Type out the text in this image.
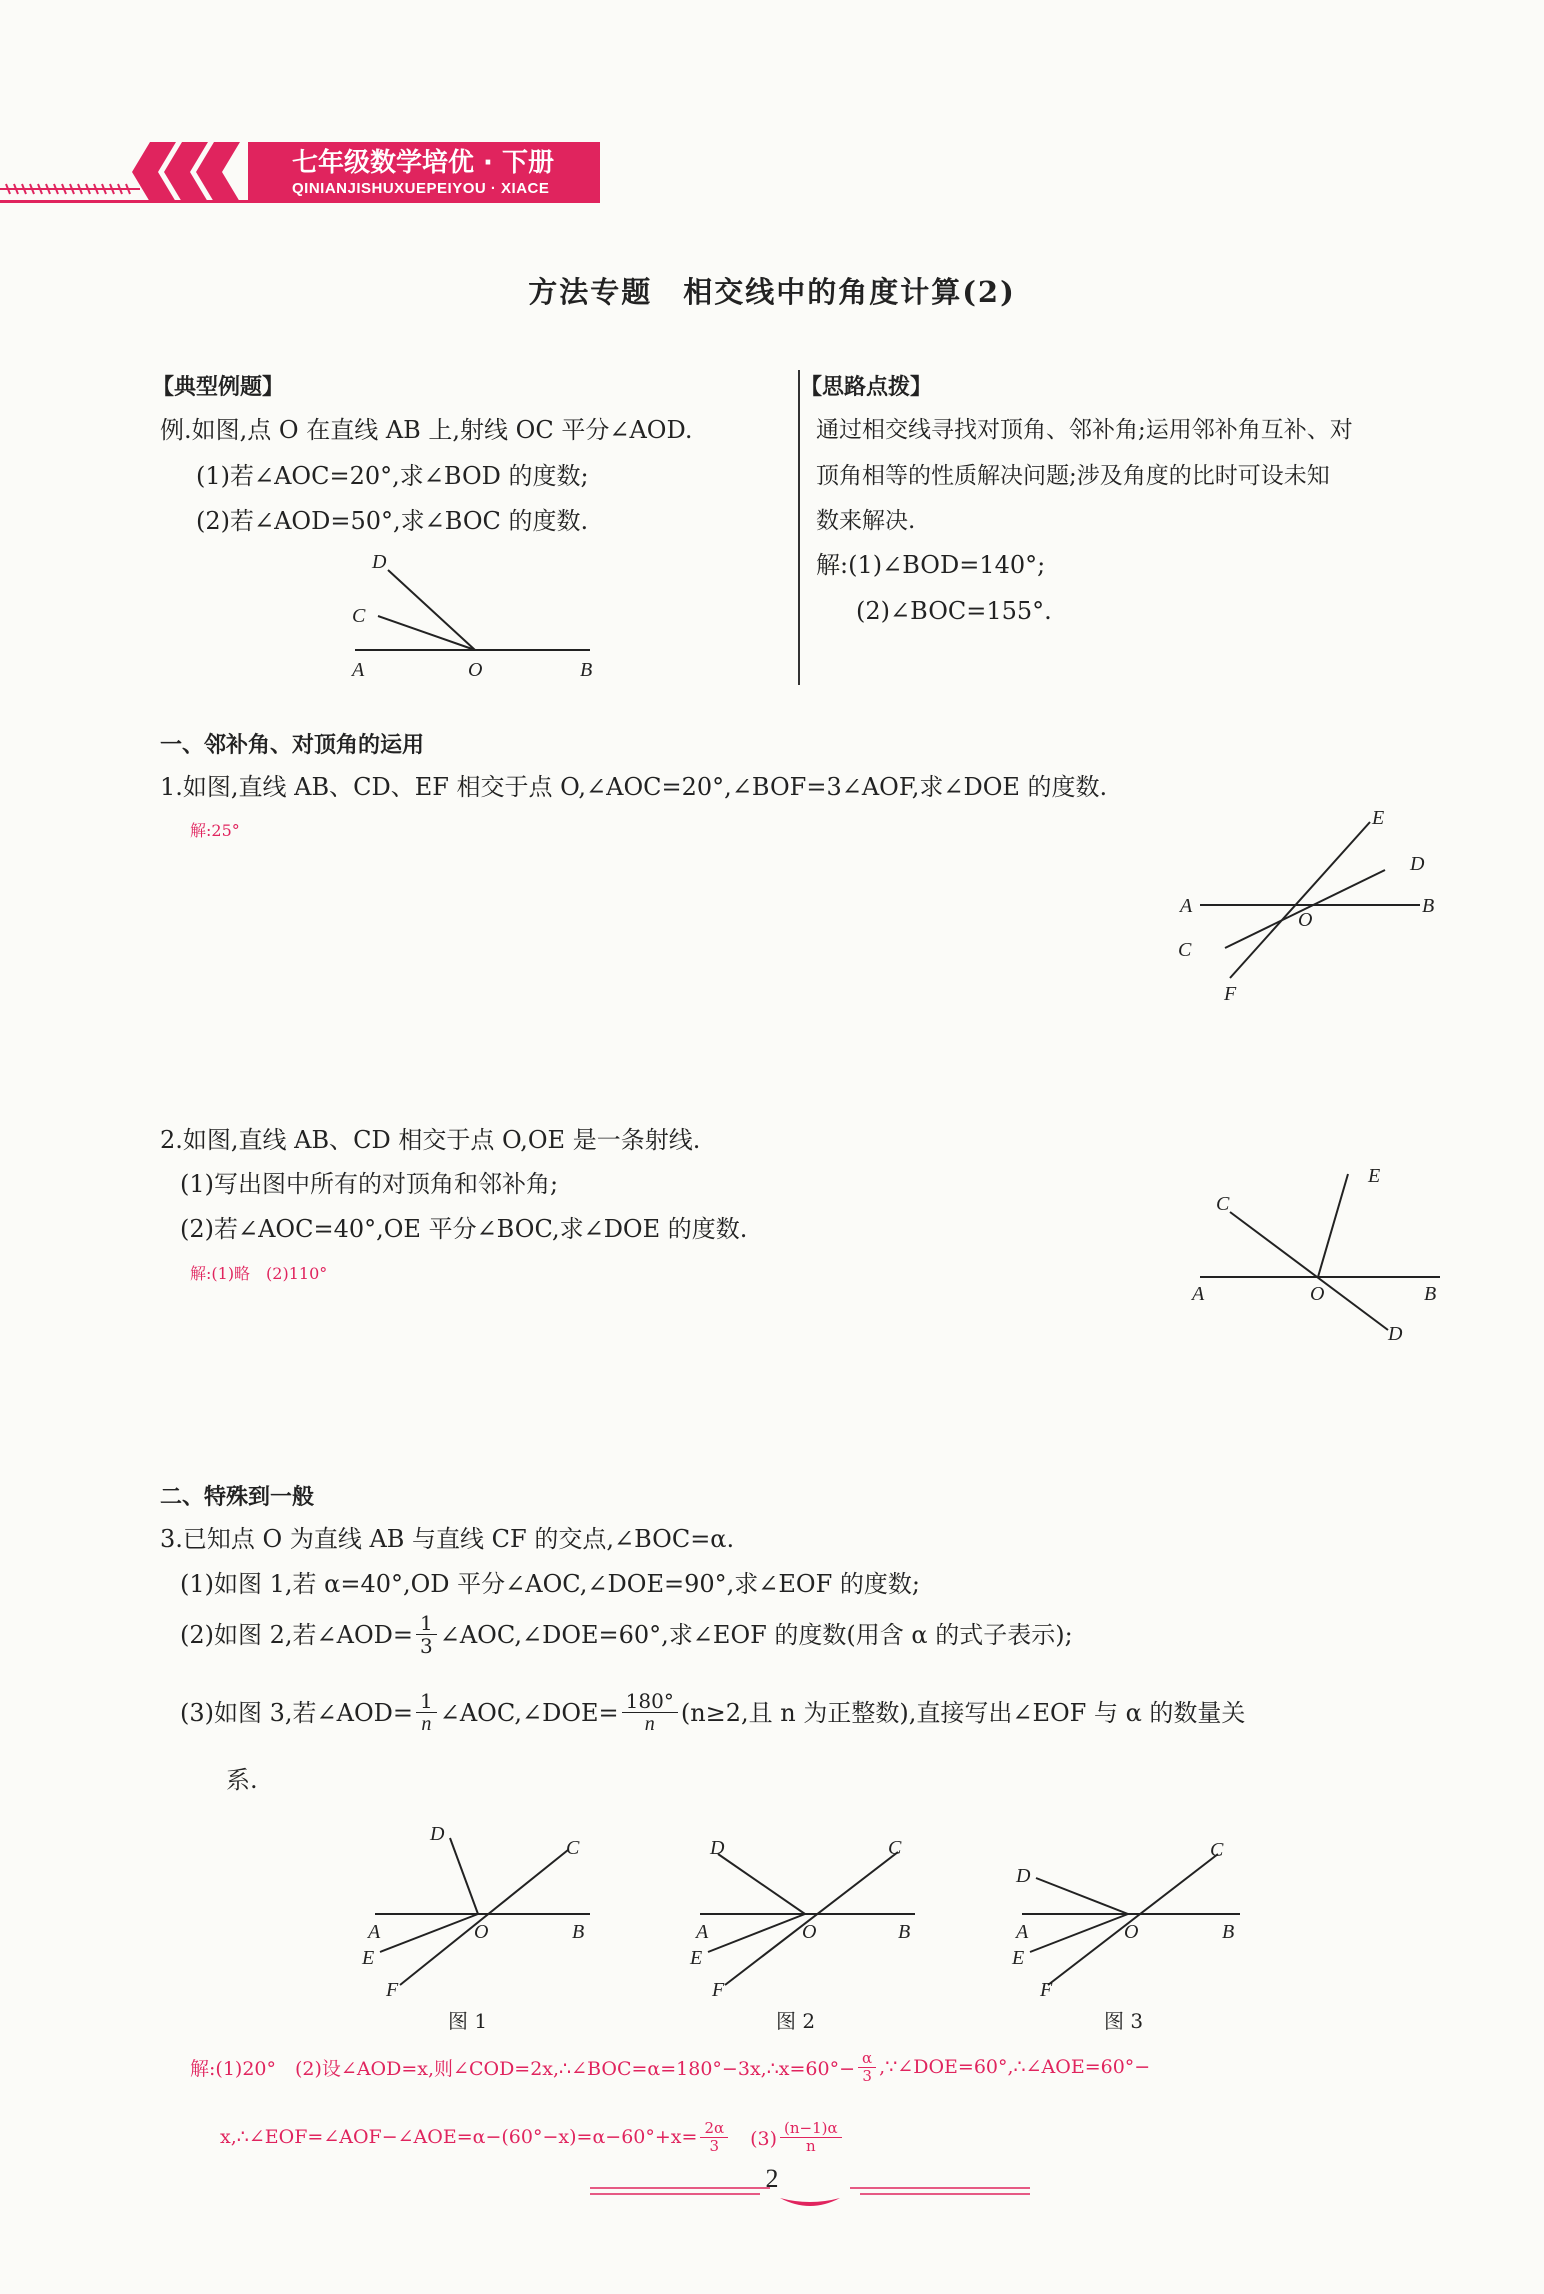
七年级数学培优 · 下册
QINIANJISHUXUEPEIYOU · XIACE
方法专题　相交线中的角度计算(2)
【典型例题】
例.如图,点 O 在直线 AB 上,射线 OC 平分∠AOD.
(1)若∠AOC=20°,求∠BOD 的度数;
(2)若∠AOD=50°,求∠BOC 的度数.
D
C
A	O	B
【思路点拨】
通过相交线寻找对顶角、邻补角;运用邻补角互补、对
顶角相等的性质解决问题;涉及角度的比时可设未知
数来解决.
解:(1)∠BOD=140°;
(2)∠BOC=155°.
一、邻补角、对顶角的运用
1.如图,直线 AB、CD、EF 相交于点 O,∠AOC=20°,∠BOF=3∠AOF,求∠DOE 的度数.
解:25°
E
D
A
O
B
C
F
2.如图,直线 AB、CD 相交于点 O,OE 是一条射线.
(1)写出图中所有的对顶角和邻补角;
(2)若∠AOC=40°,OE 平分∠BOC,求∠DOE 的度数.
解:(1)略　(2)110°
C
E
A	O	B
D
二、特殊到一般
3.已知点 O 为直线 AB 与直线 CF 的交点,∠BOC=α.
(1)如图 1,若 α=40°,OD 平分∠AOC,∠DOE=90°,求∠EOF 的度数;
(2)如图 2,若∠AOD= $\frac{1}{3}$ ∠AOC,∠DOE=60°,求∠EOF 的度数(用含 α 的式子表示);
(3)如图 3,若∠AOD= $\frac{1}{n}$ ∠AOC,∠DOE= $\frac{180^\circ}{n} (n\ge 2$,且 n 为正整数),直接写出∠EOF 与 α 的数量关
系.
D
C
A	O	B
E
F
D	C
A	O	B
E
F
D
C
A	O	B
E
F
图 1	图 2	图 3
解:(1)20°　(2)设∠AOD=x,则∠COD=2x,∴∠BOC=α=180°−3x,∴x=60°− $\frac{\alpha}{3}$ ,∵∠DOE=60°,∴∠AOE=60°−
x,∴∠EOF=∠AOF−∠AOE=α−(60°−x)=α−60°+x= $\frac{2\alpha}{3}$ 　$(3) \frac{(n-1)\alpha}{n}$
2
